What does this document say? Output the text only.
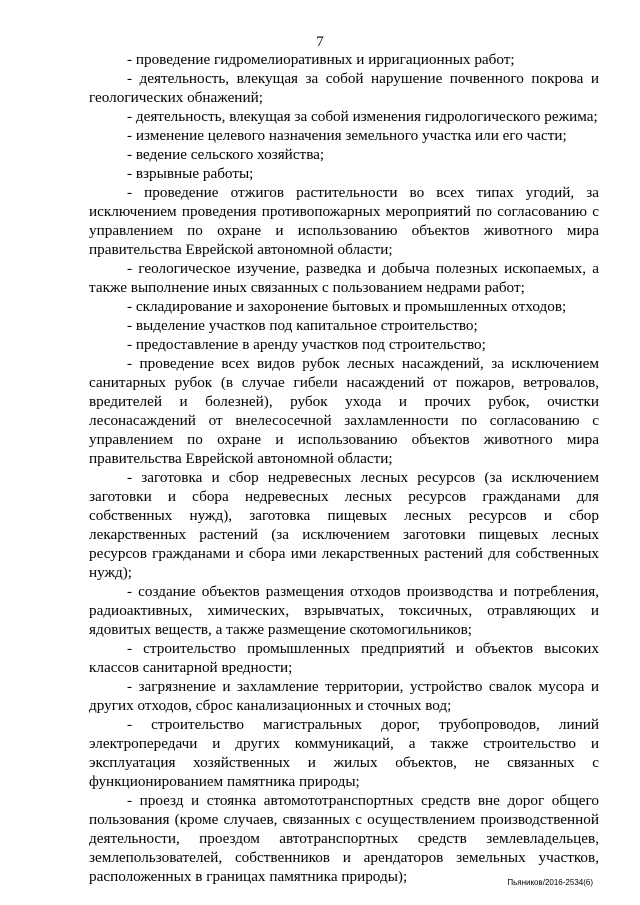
7

- проведение гидромелиоративных и ирригационных работ;

- деятельность, влекущая за собой нарушение почвенного покрова и геологических обнажений;

- деятельность, влекущая за собой изменения гидрологического режима;

- изменение целевого назначения земельного участка или его части;

- ведение сельского хозяйства;

- взрывные работы;

- проведение отжигов растительности во всех типах угодий, за исключением проведения противопожарных мероприятий по согласованию с управлением по охране и использованию объектов животного мира правительства Еврейской автономной области;

- геологическое изучение, разведка и добыча полезных ископаемых, а также выполнение иных связанных с пользованием недрами работ;

- складирование и захоронение бытовых и промышленных отходов;

- выделение участков под капитальное строительство;

- предоставление в аренду участков под строительство;

- проведение всех видов рубок лесных насаждений, за исключением санитарных рубок (в случае гибели насаждений от пожаров, ветровалов, вредителей и болезней), рубок ухода и прочих рубок, очистки лесонасаждений от внелесосечной захламленности по согласованию с управлением по охране и использованию объектов животного мира правительства Еврейской автономной области;

- заготовка и сбор недревесных лесных ресурсов (за исключением заготовки и сбора недревесных лесных ресурсов гражданами для собственных нужд), заготовка пищевых лесных ресурсов и сбор лекарственных растений (за исключением заготовки пищевых лесных ресурсов гражданами и сбора ими лекарственных растений для собственных нужд);

- создание объектов размещения отходов производства и потребления, радиоактивных, химических, взрывчатых, токсичных, отравляющих и ядовитых веществ, а также размещение скотомогильников;

- строительство промышленных предприятий и объектов высоких классов санитарной вредности;

- загрязнение и захламление территории, устройство свалок мусора и других отходов, сброс канализационных и сточных вод;

- строительство магистральных дорог, трубопроводов, линий электропередачи и других коммуникаций, а также строительство и эксплуатация хозяйственных и жилых объектов, не связанных с функционированием памятника природы;

- проезд и стоянка автомототранспортных средств вне дорог общего пользования (кроме случаев, связанных с осуществлением производственной деятельности, проездом автотранспортных средств землевладельцев, землепользователей, собственников и арендаторов земельных участков, расположенных в границах памятника природы);	Пьяников/2016-2534(6)
